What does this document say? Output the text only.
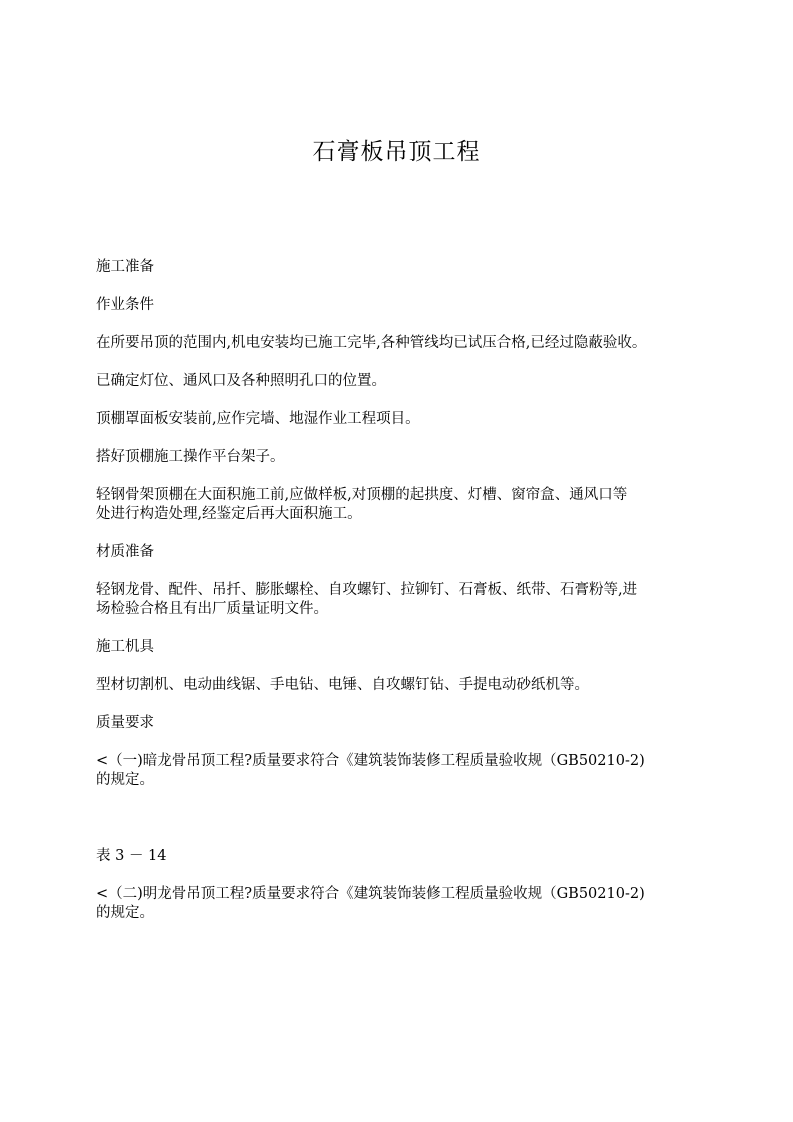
石膏板吊顶工程

施工准备

作业条件

在所要吊顶的范围内,机电安装均已施工完毕,各种管线均已试压合格,已经过隐蔽验收。

已确定灯位、通风口及各种照明孔口的位置。

顶棚罩面板安装前,应作完墙、地湿作业工程项目。

搭好顶棚施工操作平台架子。

轻钢骨架顶棚在大面积施工前,应做样板,对顶棚的起拱度、灯槽、窗帘盒、通风口等
处进行构造处理,经鉴定后再大面积施工。

材质准备

轻钢龙骨、配件、吊扦、膨胀螺栓、自攻螺钉、拉铆钉、石膏板、纸带、石膏粉等,进
场检验合格且有出厂质量证明文件。

施工机具

型材切割机、电动曲线锯、手电钻、电锤、自攻螺钉钻、手提电动砂纸机等。

质量要求

<（一)暗龙骨吊顶工程?质量要求符合《建筑装饰装修工程质量验收规（GB50210-2)
的规定。

表 3 － 14

<（二)明龙骨吊顶工程?质量要求符合《建筑装饰装修工程质量验收规（GB50210-2)
的规定。
